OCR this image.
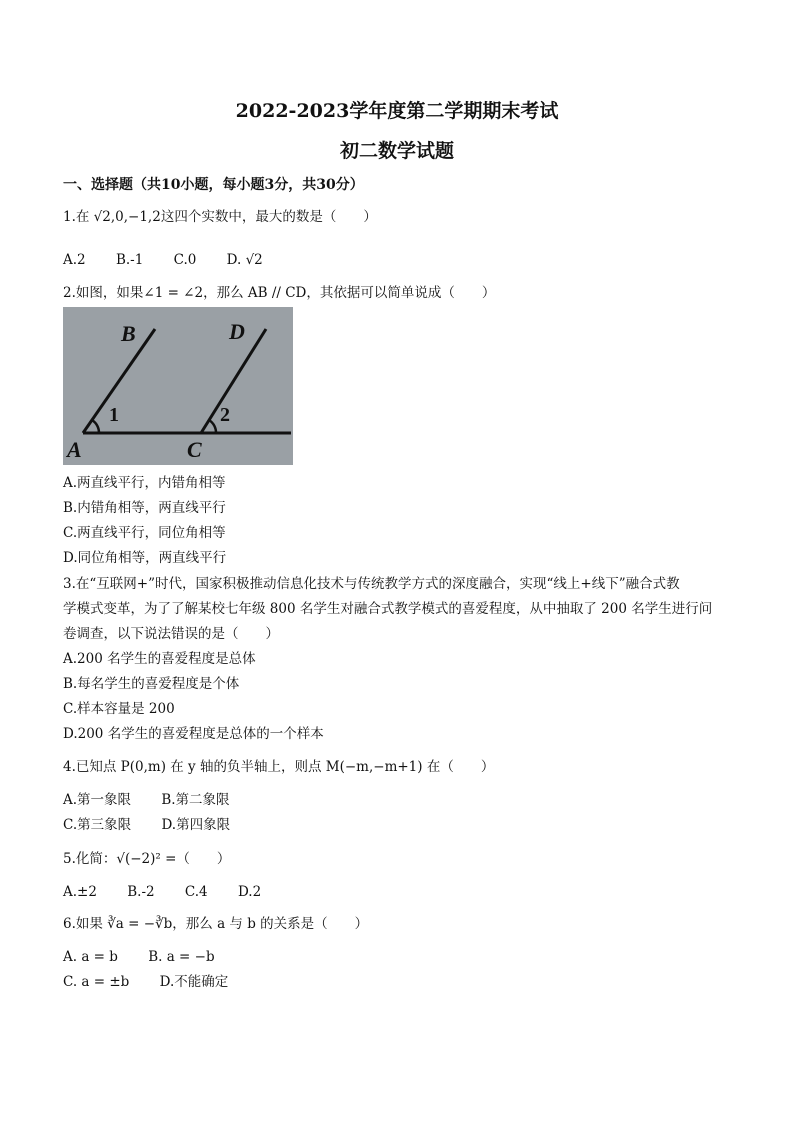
2022-2023学年度第二学期期末考试
初二数学试题
一、选择题（共10小题，每小题3分，共30分）
1.在 √2,0,−1,2这四个实数中，最大的数是（　　）
A.2 B.-1 C.0 D. √2
2.如图，如果∠1 = ∠2，那么 AB // CD，其依据可以简单说成（　　）
B	D
A	C
1	2
A.两直线平行，内错角相等
B.内错角相等，两直线平行
C.两直线平行，同位角相等
D.同位角相等，两直线平行
3.在“互联网+”时代，国家积极推动信息化技术与传统教学方式的深度融合，实现“线上+线下”融合式教
学模式变革，为了了解某校七年级 800 名学生对融合式教学模式的喜爱程度，从中抽取了 200 名学生进行问
卷调查，以下说法错误的是（　　）
A.200 名学生的喜爱程度是总体
B.每名学生的喜爱程度是个体
C.样本容量是 200
D.200 名学生的喜爱程度是总体的一个样本
4.已知点 P(0,m) 在 y 轴的负半轴上，则点 M(−m,−m+1) 在（　　）
A.第一象限 B.第二象限
C.第三象限 D.第四象限
5.化简：√(−2)² =（　　）
A.±2 B.-2 C.4 D.2
6.如果 ∛a = −∛b，那么 a 与 b 的关系是（　　）
A. a = b B. a = −b
C. a = ±b D.不能确定
